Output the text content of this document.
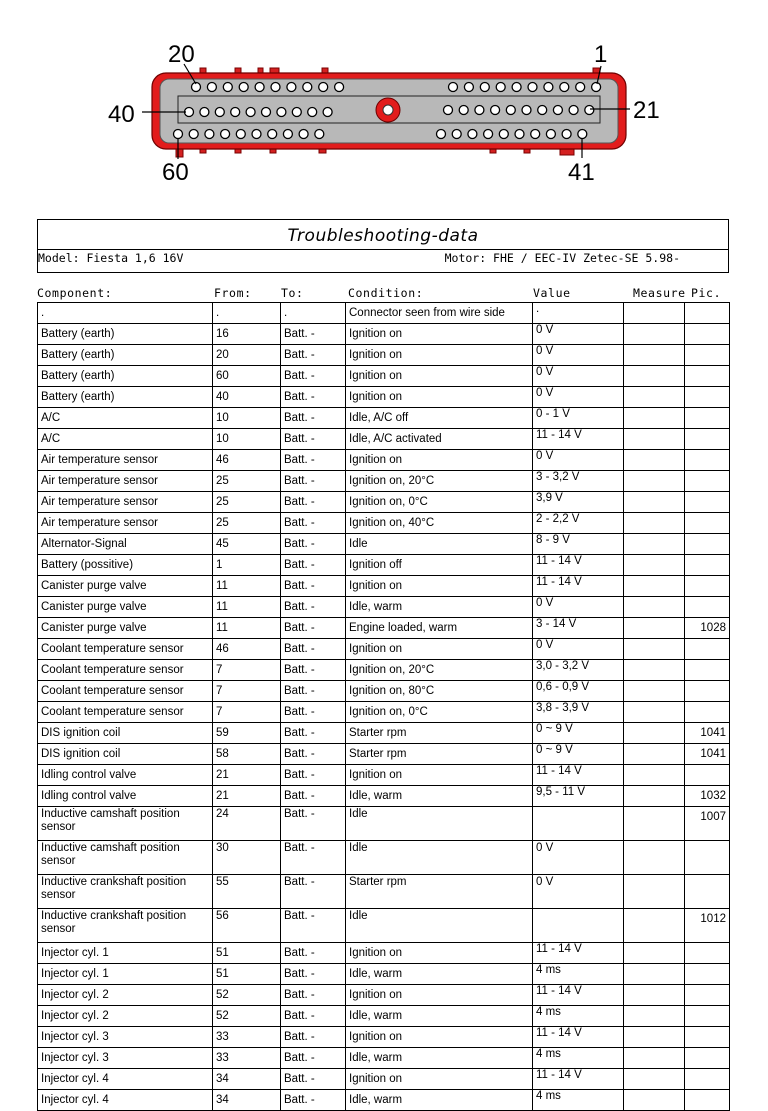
20	1
40	21
60	41
Troubleshooting-data
Model: Fiesta 1,6 16V	Motor: FHE / EEC-IV Zetec-SE 5.98-
Component:	From:	To:	Condition:	Value	Measure Pic.
.	.	.	Connector seen from wire side	.		
Battery (earth)	16	Batt. -	Ignition on	0 V		
Battery (earth)	20	Batt. -	Ignition on	0 V		
Battery (earth)	60	Batt. -	Ignition on	0 V		
Battery (earth)	40	Batt. -	Ignition on	0 V		
A/C	10	Batt. -	Idle, A/C off	0 - 1 V		
A/C	10	Batt. -	Idle, A/C activated	11 - 14 V		
Air temperature sensor	46	Batt. -	Ignition on	0 V		
Air temperature sensor	25	Batt. -	Ignition on, 20°C	3 - 3,2 V		
Air temperature sensor	25	Batt. -	Ignition on, 0°C	3,9 V		
Air temperature sensor	25	Batt. -	Ignition on, 40°C	2 - 2,2 V		
Alternator-Signal	45	Batt. -	Idle	8 - 9 V		
Battery (possitive)	1	Batt. -	Ignition off	11 - 14 V		
Canister purge valve	11	Batt. -	Ignition on	11 - 14 V		
Canister purge valve	11	Batt. -	Idle, warm	0 V		
Canister purge valve	11	Batt. -	Engine loaded, warm	3 - 14 V		1028
Coolant temperature sensor	46	Batt. -	Ignition on	0 V		
Coolant temperature sensor	7	Batt. -	Ignition on, 20°C	3,0 - 3,2 V		
Coolant temperature sensor	7	Batt. -	Ignition on, 80°C	0,6 - 0,9 V		
Coolant temperature sensor	7	Batt. -	Ignition on, 0°C	3,8 - 3,9 V		
DIS ignition coil	59	Batt. -	Starter rpm	0 ~ 9 V		1041
DIS ignition coil	58	Batt. -	Starter rpm	0 ~ 9 V		1041
Idling control valve	21	Batt. -	Ignition on	11 - 14 V		
Idling control valve	21	Batt. -	Idle, warm	9,5 - 11 V		1032
Inductive camshaft position sensor	24	Batt. -	Idle			1007
Inductive camshaft position sensor	30	Batt. -	Idle	0 V		
Inductive crankshaft position sensor	55	Batt. -	Starter rpm	0 V		
Inductive crankshaft position sensor	56	Batt. -	Idle			1012
Injector cyl. 1	51	Batt. -	Ignition on	11 - 14 V		
Injector cyl. 1	51	Batt. -	Idle, warm	4 ms		
Injector cyl. 2	52	Batt. -	Ignition on	11 - 14 V		
Injector cyl. 2	52	Batt. -	Idle, warm	4 ms		
Injector cyl. 3	33	Batt. -	Ignition on	11 - 14 V		
Injector cyl. 3	33	Batt. -	Idle, warm	4 ms		
Injector cyl. 4	34	Batt. -	Ignition on	11 - 14 V		
Injector cyl. 4	34	Batt. -	Idle, warm	4 ms		
